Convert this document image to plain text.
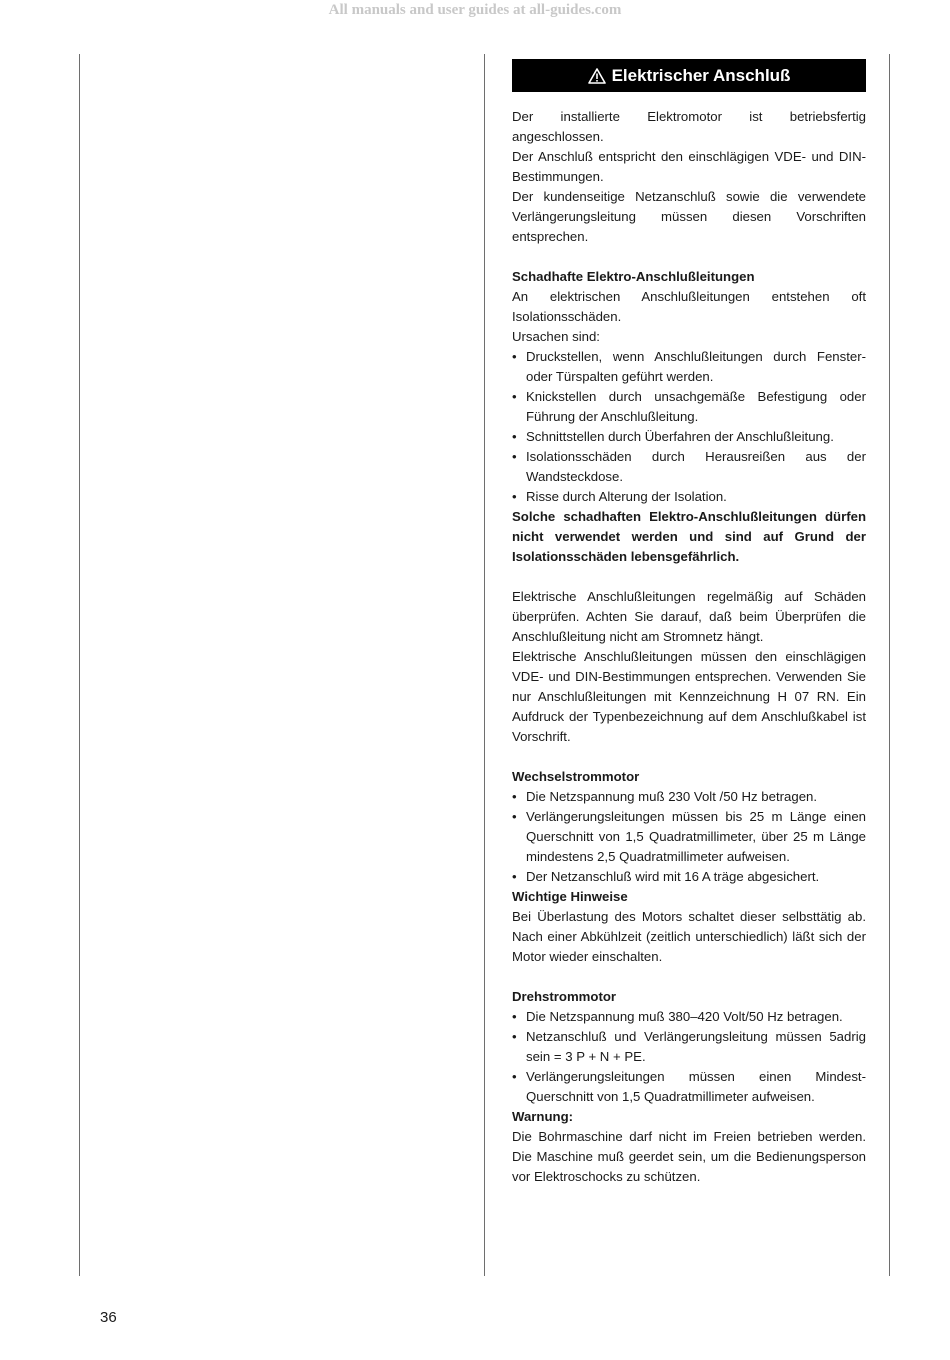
All manuals and user guides at all-guides.com
Elektrischer Anschluß

Der installierte Elektromotor ist betriebsfertig angeschlossen.

Der Anschluß entspricht den einschlägigen VDE- und DIN-Bestimmungen.

Der kundenseitige Netzanschluß sowie die verwendete Verlängerungsleitung müssen diesen Vorschriften entsprechen.

Schadhafte Elektro-Anschlußleitungen

An elektrischen Anschlußleitungen entstehen oft Isolationsschäden.

Ursachen sind:

• Druckstellen, wenn Anschlußleitungen durch Fenster- oder Türspalten geführt werden.
• Knickstellen durch unsachgemäße Befestigung oder Führung der Anschlußleitung.
• Schnittstellen durch Überfahren der Anschlußleitung.
• Isolationsschäden durch Herausreißen aus der Wandsteckdose.
• Risse durch Alterung der Isolation.

Solche schadhaften Elektro-Anschlußleitungen dürfen nicht verwendet werden und sind auf Grund der Isolationsschäden lebensgefährlich.

Elektrische Anschlußleitungen regelmäßig auf Schäden überprüfen. Achten Sie darauf, daß beim Überprüfen die Anschlußleitung nicht am Stromnetz hängt.

Elektrische Anschlußleitungen müssen den einschlägigen VDE- und DIN-Bestimmungen entsprechen. Verwenden Sie nur Anschlußleitungen mit Kennzeichnung H 07 RN. Ein Aufdruck der Typenbezeichnung auf dem Anschlußkabel ist Vorschrift.

Wechselstrommotor

• Die Netzspannung muß 230 Volt /50 Hz betragen.
• Verlängerungsleitungen müssen bis 25 m Länge einen Querschnitt von 1,5 Quadratmillimeter, über 25 m Länge mindestens 2,5 Quadratmillimeter aufweisen.
• Der Netzanschluß wird mit 16 A träge abgesichert.

Wichtige Hinweise

Bei Überlastung des Motors schaltet dieser selbsttätig ab. Nach einer Abkühlzeit (zeitlich unterschiedlich) läßt sich der Motor wieder einschalten.

Drehstrommotor

• Die Netzspannung muß 380–420 Volt/50 Hz betragen.
• Netzanschluß und Verlängerungsleitung müssen 5adrig sein = 3 P + N + PE.
• Verlängerungsleitungen müssen einen Mindest-Querschnitt von 1,5 Quadratmillimeter aufweisen.

Warnung:

Die Bohrmaschine darf nicht im Freien betrieben werden. Die Maschine muß geerdet sein, um die Bedienungsperson vor Elektroschocks zu schützen.

36
